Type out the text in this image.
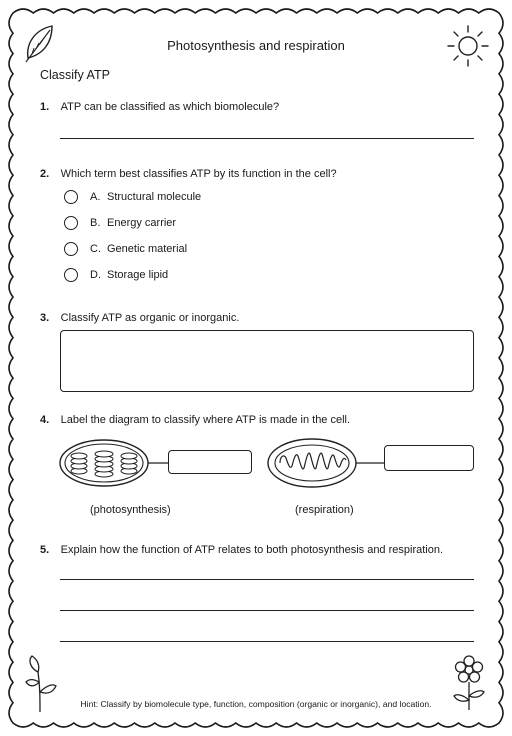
Photosynthesis and respiration
Classify ATP
1. ATP can be classified as which biomolecule?
2. Which term best classifies ATP by its function in the cell?
A. Structural molecule
B. Energy carrier
C. Genetic material
D. Storage lipid
3. Classify ATP as organic or inorganic.
4. Label the diagram to classify where ATP is made in the cell.
(photosynthesis)	(respiration)
5. Explain how the function of ATP relates to both photosynthesis and respiration.
Hint: Classify by biomolecule type, function, composition (organic or inorganic), and location.
